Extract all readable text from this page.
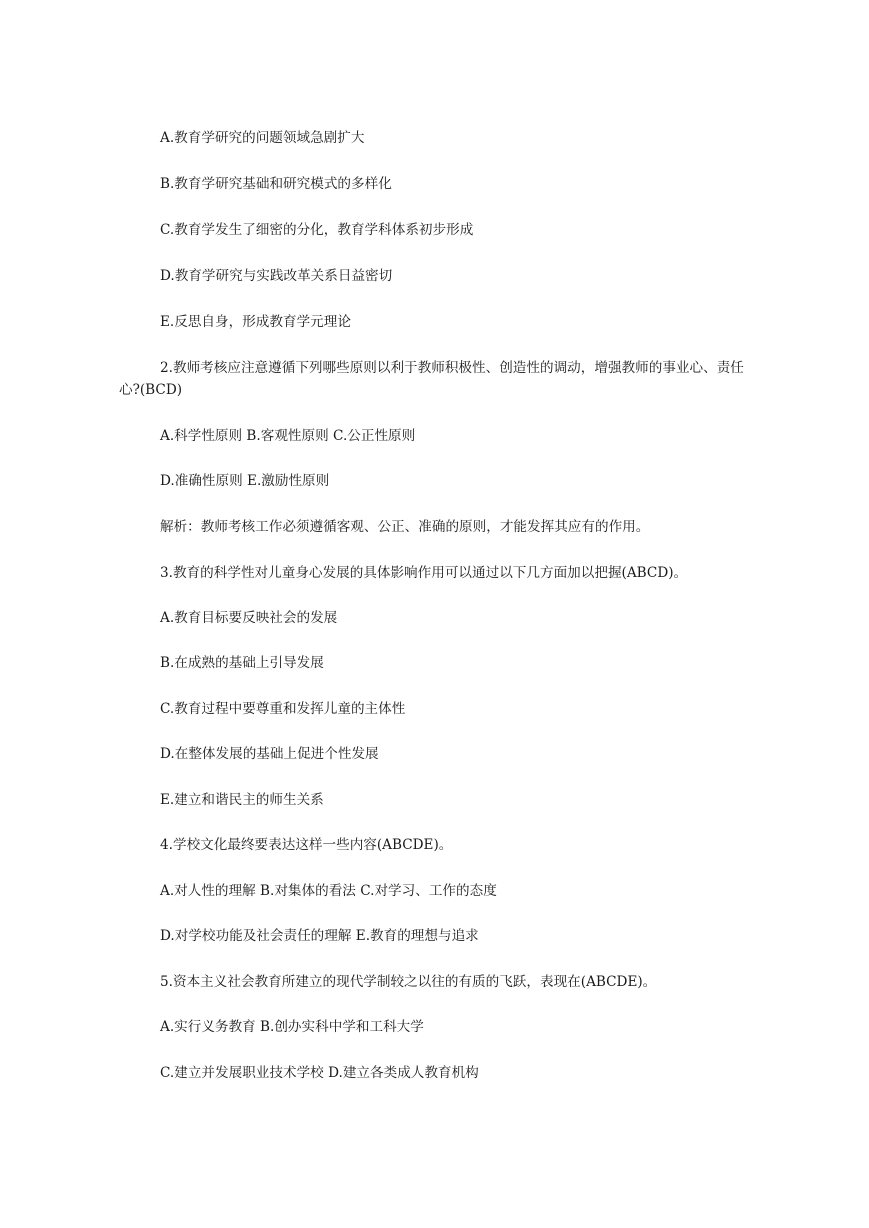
A.教育学研究的问题领域急剧扩大

B.教育学研究基础和研究模式的多样化

C.教育学发生了细密的分化，教育学科体系初步形成

D.教育学研究与实践改革关系日益密切

E.反思自身，形成教育学元理论

2.教师考核应注意遵循下列哪些原则以利于教师积极性、创造性的调动，增强教师的事业心、责任心?(BCD)

A.科学性原则 B.客观性原则 C.公正性原则

D.准确性原则 E.激励性原则

解析：教师考核工作必须遵循客观、公正、准确的原则，才能发挥其应有的作用。

3.教育的科学性对儿童身心发展的具体影响作用可以通过以下几方面加以把握(ABCD)。

A.教育目标要反映社会的发展

B.在成熟的基础上引导发展

C.教育过程中要尊重和发挥儿童的主体性

D.在整体发展的基础上促进个性发展

E.建立和谐民主的师生关系

4.学校文化最终要表达这样一些内容(ABCDE)。

A.对人性的理解 B.对集体的看法 C.对学习、工作的态度

D.对学校功能及社会责任的理解 E.教育的理想与追求

5.资本主义社会教育所建立的现代学制较之以往的有质的飞跃，表现在(ABCDE)。

A.实行义务教育 B.创办实科中学和工科大学

C.建立并发展职业技术学校 D.建立各类成人教育机构
